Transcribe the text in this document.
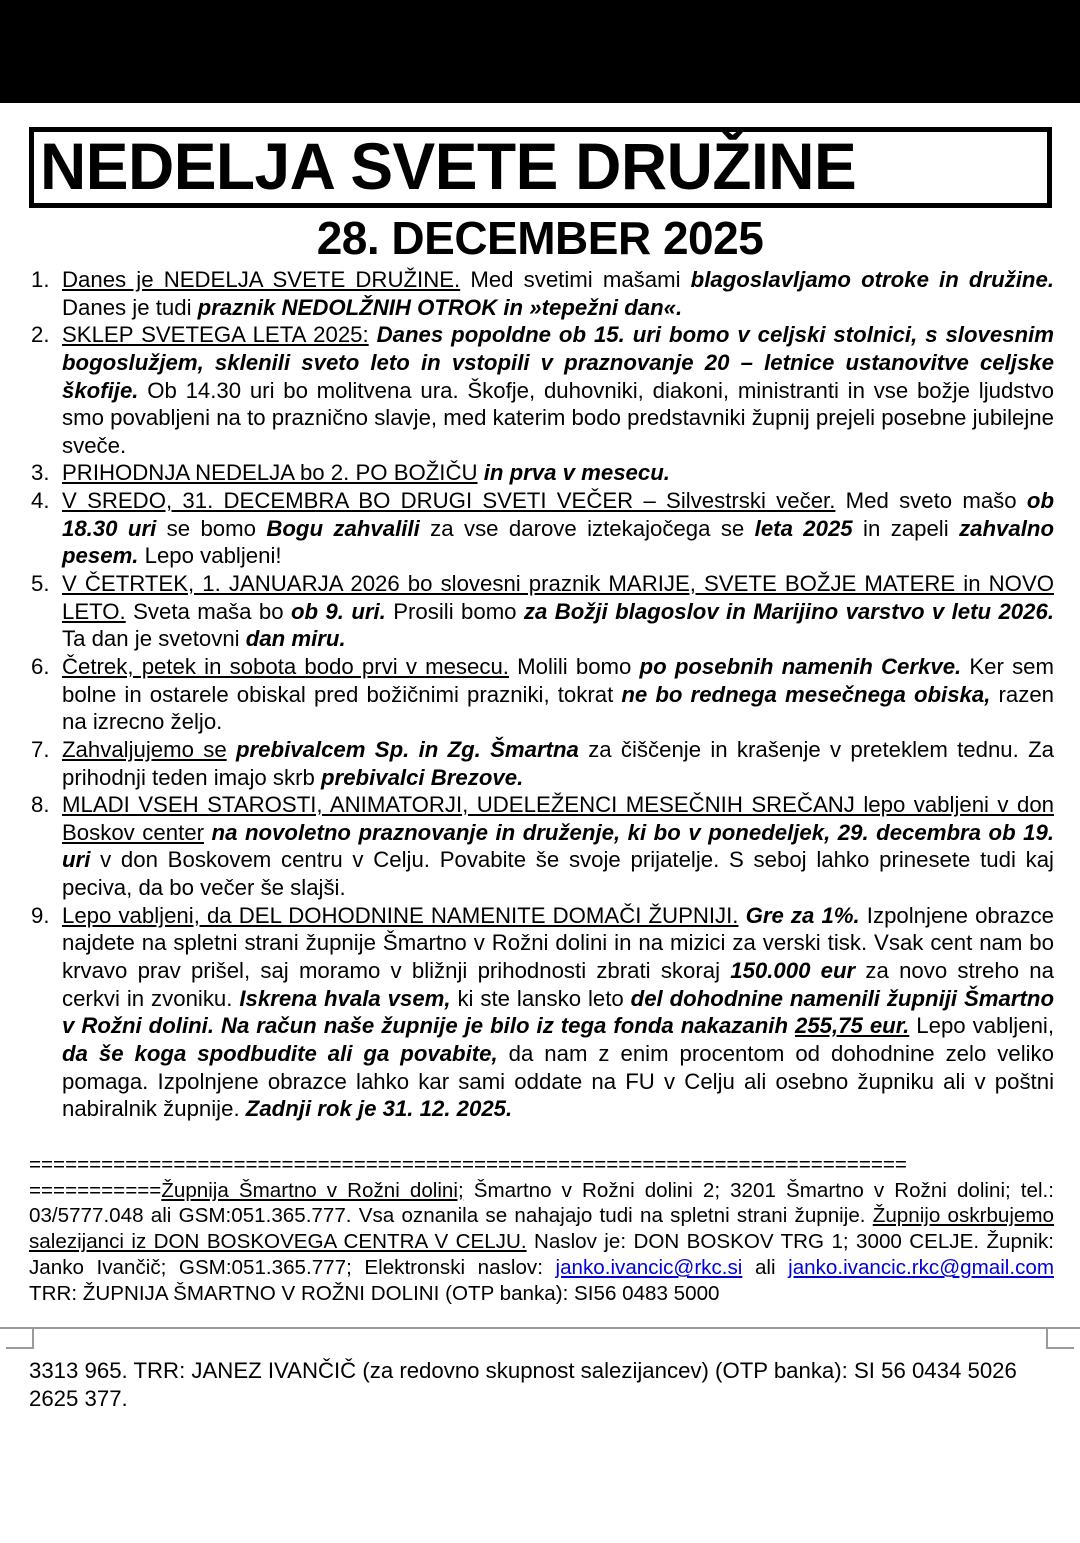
NEDELJA SVETE DRUŽINE
28. DECEMBER 2025
1. Danes je NEDELJA SVETE DRUŽINE. Med svetimi mašami blagoslavljamo otroke in družine. Danes je tudi praznik NEDOLŽNIH OTROK in »tepežni dan«.

2. SKLEP SVETEGA LETA 2025: Danes popoldne ob 15. uri bomo v celjski stolnici, s slovesnim bogoslužjem, sklenili sveto leto in vstopili v praznovanje 20 – letnice ustanovitve celjske škofije. Ob 14.30 uri bo molitvena ura. Škofje, duhovniki, diakoni, ministranti in vse božje ljudstvo smo povabljeni na to praznično slavje, med katerim bodo predstavniki župnij prejeli posebne jubilejne sveče.

3. PRIHODNJA NEDELJA bo 2. PO BOŽIČU in prva v mesecu.

4. V SREDO, 31. DECEMBRA BO DRUGI SVETI VEČER – Silvestrski večer. Med sveto mašo ob 18.30 uri se bomo Bogu zahvalili za vse darove iztekajočega se leta 2025 in zapeli zahvalno pesem. Lepo vabljeni!

5. V ČETRTEK, 1. JANUARJA 2026 bo slovesni praznik MARIJE, SVETE BOŽJE MATERE in NOVO LETO. Sveta maša bo ob 9. uri. Prosili bomo za Božji blagoslov in Marijino varstvo v letu 2026. Ta dan je svetovni dan miru.

6. Četrek, petek in sobota bodo prvi v mesecu. Molili bomo po posebnih namenih Cerkve. Ker sem bolne in ostarele obiskal pred božičnimi prazniki, tokrat ne bo rednega mesečnega obiska, razen na izrecno željo.

7. Zahvaljujemo se prebivalcem Sp. in Zg. Šmartna za čiščenje in krašenje v preteklem tednu. Za prihodnji teden imajo skrb prebivalci Brezove.

8. MLADI VSEH STAROSTI, ANIMATORJI, UDELEŽENCI MESEČNIH SREČANJ lepo vabljeni v don Boskov center na novoletno praznovanje in druženje, ki bo v ponedeljek, 29. decembra ob 19. uri v don Boskovem centru v Celju. Povabite še svoje prijatelje. S seboj lahko prinesete tudi kaj peciva, da bo večer še slajši.

9. Lepo vabljeni, da DEL DOHODNINE NAMENITE DOMAČI ŽUPNIJI. Gre za 1%. Izpolnjene obrazce najdete na spletni strani župnije Šmartno v Rožni dolini in na mizici za verski tisk. Vsak cent nam bo krvavo prav prišel, saj moramo v bližnji prihodnosti zbrati skoraj 150.000 eur za novo streho na cerkvi in zvoniku. Iskrena hvala vsem, ki ste lansko leto del dohodnine namenili župniji Šmartno v Rožni dolini. Na račun naše župnije je bilo iz tega fonda nakazanih 255,75 eur. Lepo vabljeni, da še koga spodbudite ali ga povabite, da nam z enim procentom od dohodnine zelo veliko pomaga. Izpolnjene obrazce lahko kar sami oddate na FU v Celju ali osebno župniku ali v poštni nabiralnik župnije. Zadnji rok je 31. 12. 2025.

=========================================================================
===========Župnija Šmartno v Rožni dolini; Šmartno v Rožni dolini 2; 3201 Šmartno v Rožni dolini; tel.: 03/5777.048 ali GSM:051.365.777. Vsa oznanila se nahajajo tudi na spletni strani župnije. Župnijo oskrbujemo salezijanci iz DON BOSKOVEGA CENTRA V CELJU. Naslov je: DON BOSKOV TRG 1; 3000 CELJE. Župnik: Janko Ivančič; GSM:051.365.777; Elektronski naslov: janko.ivancic@rkc.si ali janko.ivancic.rkc@gmail.com TRR: ŽUPNIJA ŠMARTNO V ROŽNI DOLINI (OTP banka): SI56 0483 5000
3313 965. TRR: JANEZ IVANČIČ (za redovno skupnost salezijancev) (OTP banka): SI 56 0434 5026 2625 377.
